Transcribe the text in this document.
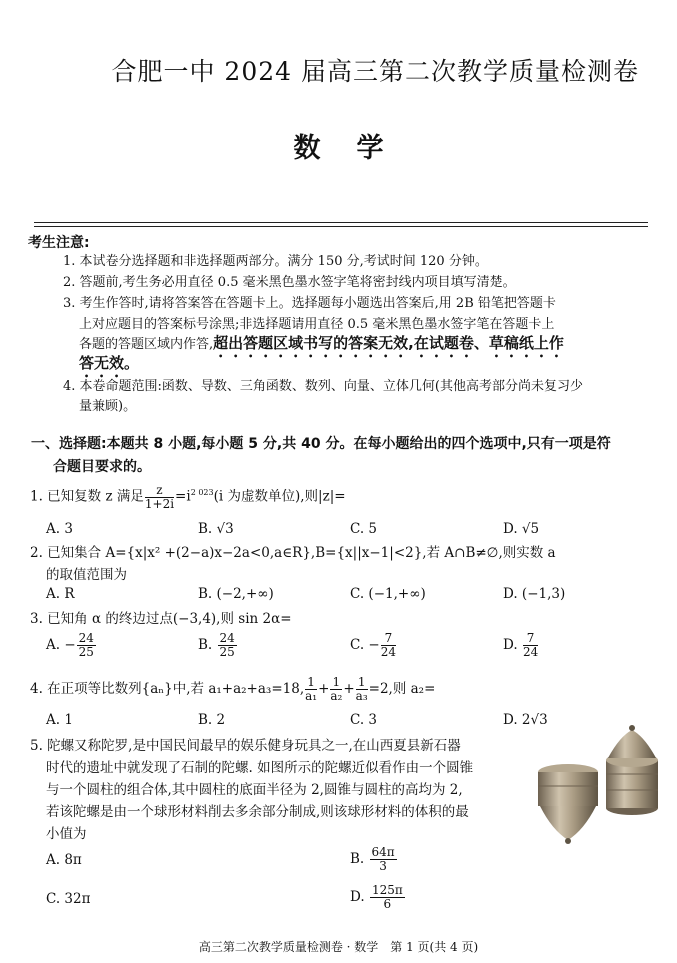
合肥一中 2024 届高三第二次教学质量检测卷
数学
考生注意:
1. 本试卷分选择题和非选择题两部分。满分 150 分,考试时间 120 分钟。
2. 答题前,考生务必用直径 0.5 毫米黑色墨水签字笔将密封线内项目填写清楚。
3. 考生作答时,请将答案答在答题卡上。选择题每小题选出答案后,用 2B 铅笔把答题卡
上对应题目的答案标号涂黑;非选择题请用直径 0.5 毫米黑色墨水签字笔在答题卡上
各题的答题区域内作答,超出答题区域书写的答案无效,在试题卷、草稿纸上作
答无效。
4. 本卷命题范围:函数、导数、三角函数、数列、向量、立体几何(其他高考部分尚未复习少
量兼顾)。
一、选择题:本题共 8 小题,每小题 5 分,共 40 分。在每小题给出的四个选项中,只有一项是符
合题目要求的。
1. 已知复数 z 满足 $\frac{z}{1+2i} =i^{2 023}(i$ 为虚数单位),则|z|=
A. 3	B. √3	C. 5	D. √5
2. 已知集合 A={x|x² +(2−a)x−2a<0,a∈R},B={x||x−1|<2},若 A∩B≠∅,则实数 a
的取值范围为
A. R	B. (−2,+∞)	C. (−1,+∞)	D. (−1,3)
3. 已知角 α 的终边过点(−3,4),则 sin 2α=
A. − $\frac{24}{25}$	B. $\frac{24}{25}$	C. − $\frac{7}{24}$	D. $\frac{7}{24}$
4. 在正项等比数列{aₙ}中,若 a₁+a₂+a₃=18, $\frac{1}{\text{a₁}} + \frac{1}{\text{a₂}} + \frac{1}{\text{a₃}} =2$,则 a₂=
A. 1	B. 2	C. 3	D. 2√3
5. 陀螺又称陀罗,是中国民间最早的娱乐健身玩具之一,在山西夏县新石器
时代的遗址中就发现了石制的陀螺. 如图所示的陀螺近似看作由一个圆锥
与一个圆柱的组合体,其中圆柱的底面半径为 2,圆锥与圆柱的高均为 2,
若该陀螺是由一个球形材料削去多余部分制成,则该球形材料的体积的最
小值为
A. 8π	B. $\frac{64\pi}{3}$
C. 32π	D. $\frac{125\pi}{6}$
高三第二次教学质量检测卷 · 数学　第 1 页(共 4 页)
